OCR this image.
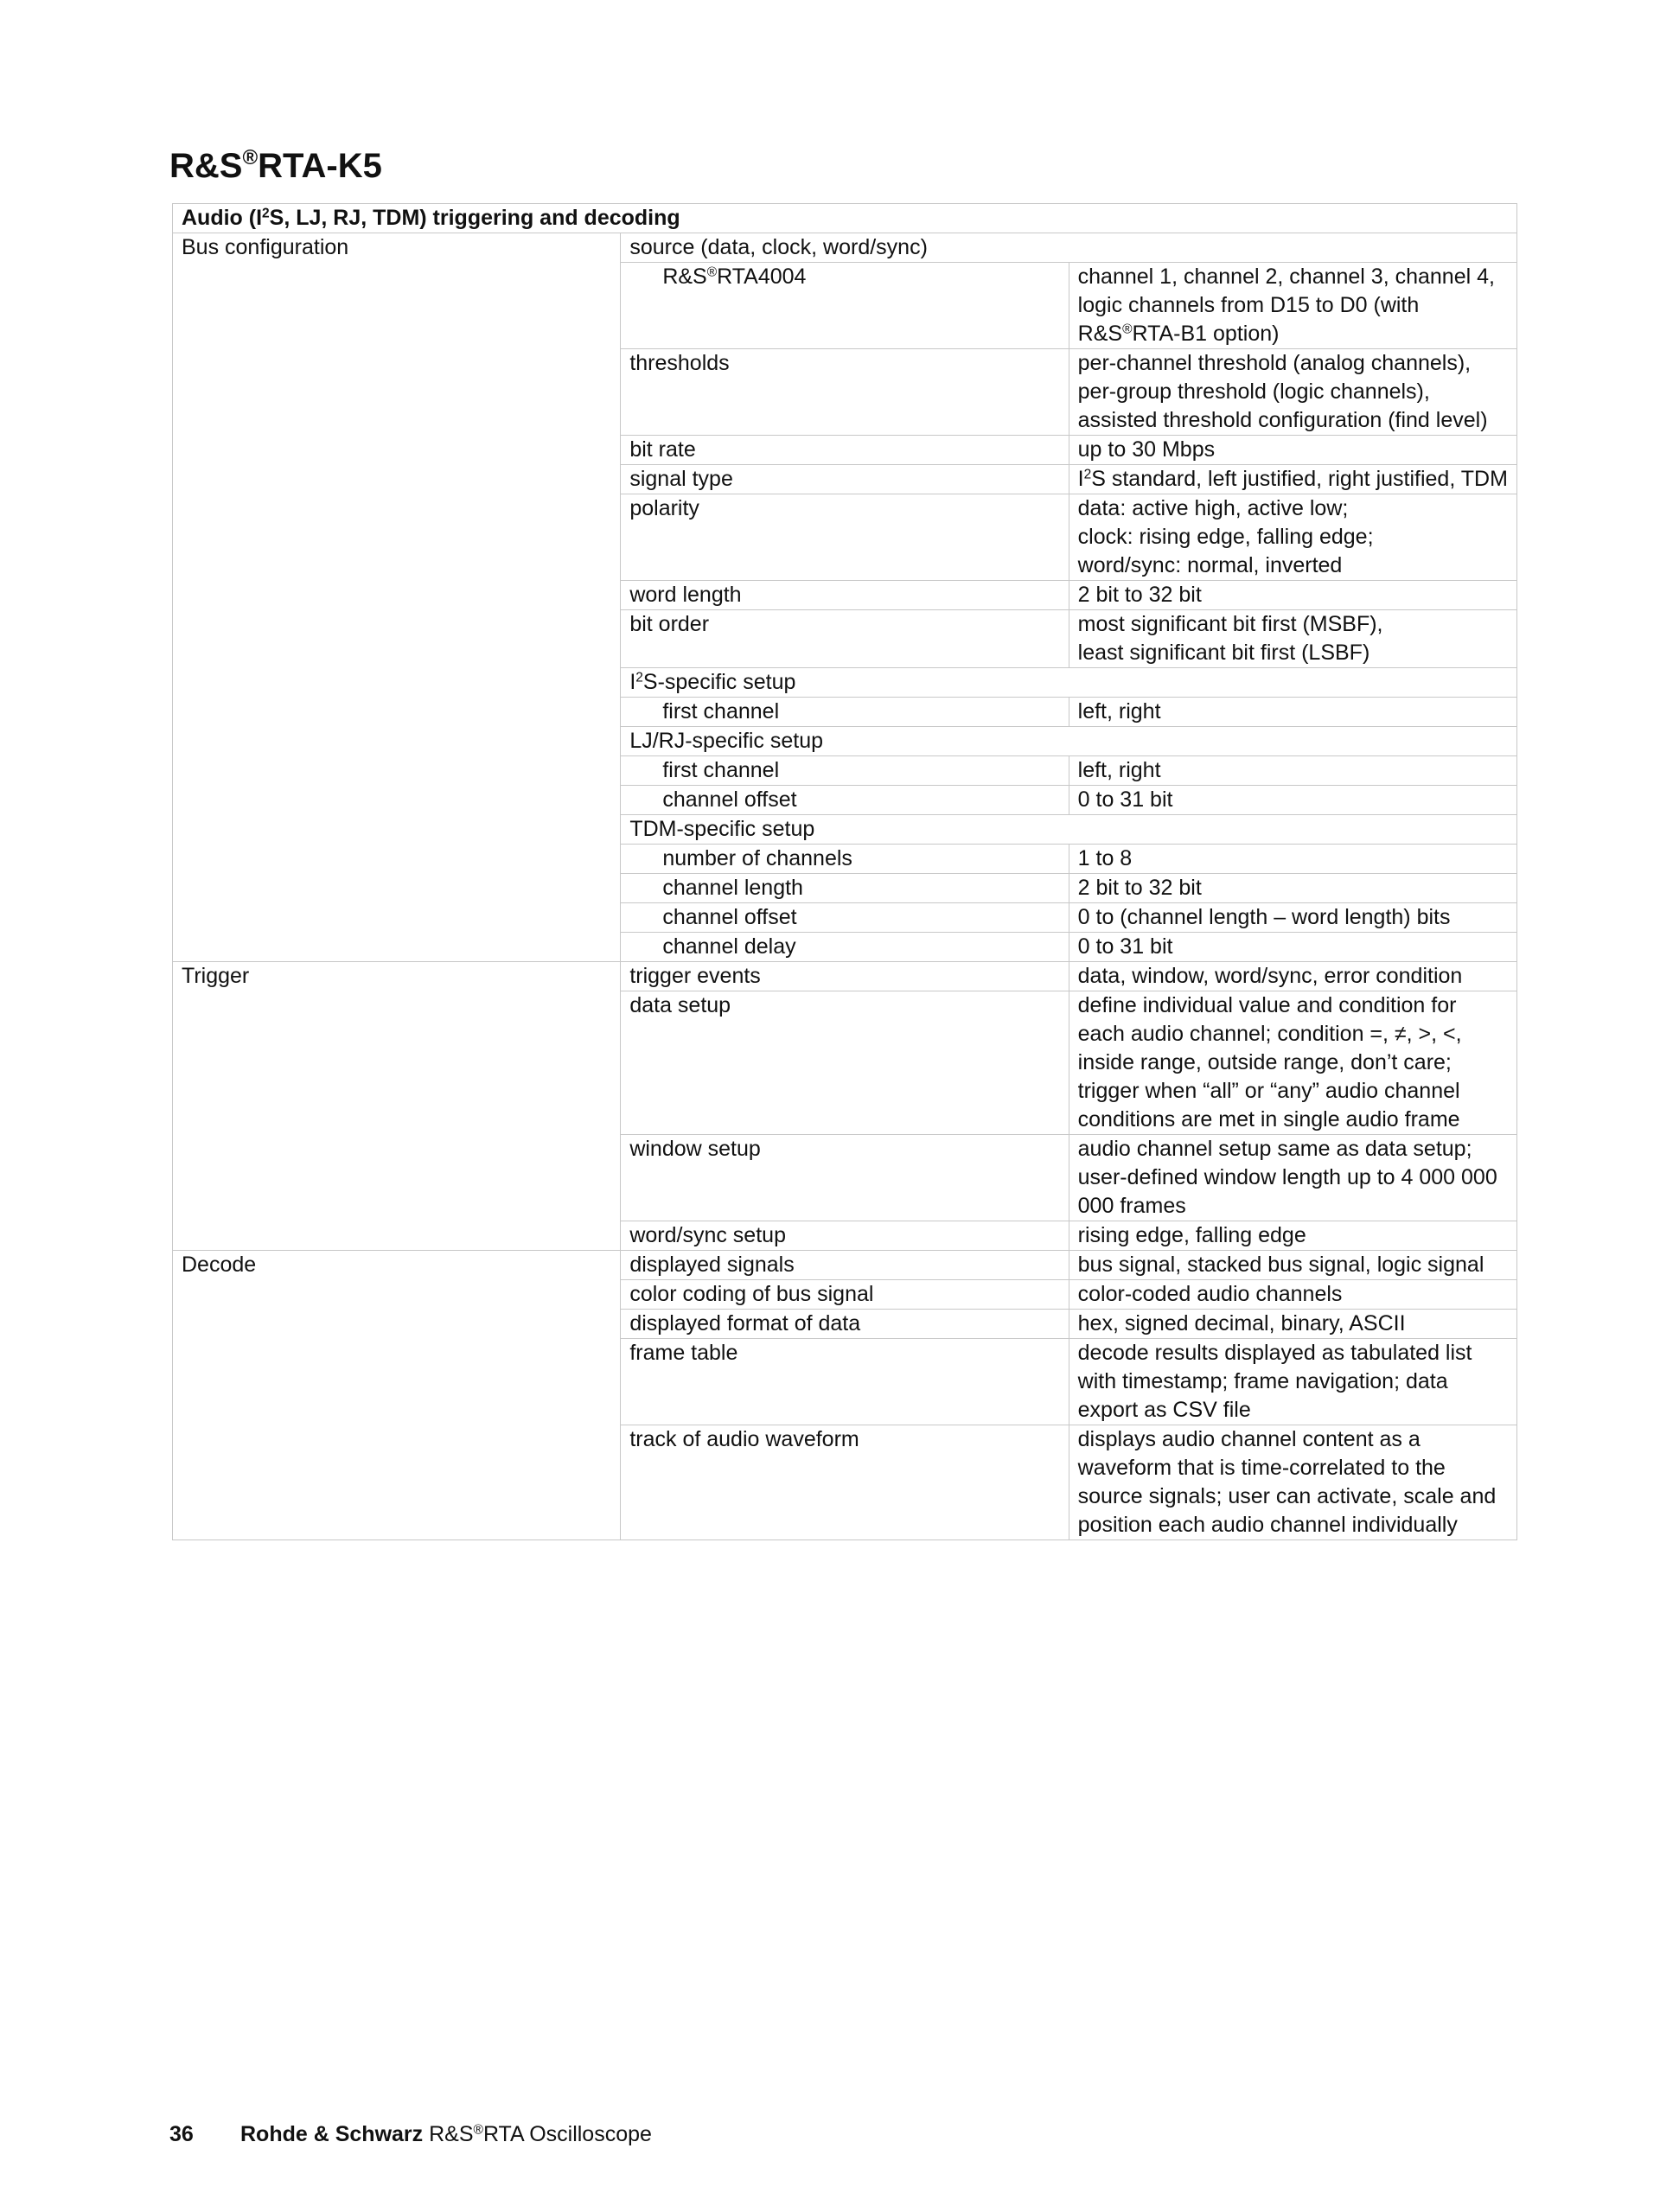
R&S®RTA-K5
Audio ($I^2S$, LJ, RJ, TDM) triggering and decoding		
Bus configuration	source (data, clock, word/sync)	
	R&S®RTA4004	channel 1, channel 2, channel 3, channel 4, logic channels from D15 to D0 (with R&S®RTA-B1 option)
	thresholds	per-channel threshold (analog channels), per-group threshold (logic channels), assisted threshold configuration (find level)
	bit rate	up to 30 Mbps
	signal type	$I^2S$ standard, left justified, right justified, TDM
	polarity	data: active high, active low;
clock: rising edge, falling edge;
word/sync: normal, inverted
	word length	2 bit to 32 bit
	bit order	most significant bit first (MSBF),
least significant bit first (LSBF)
	$I^2S$-specific setup	
	first channel	left, right
	LJ/RJ-specific setup	
	first channel	left, right
	channel offset	0 to 31 bit
	TDM-specific setup	
	number of channels	1 to 8
	channel length	2 bit to 32 bit
	channel offset	0 to (channel length – word length) bits
	channel delay	0 to 31 bit
Trigger	trigger events	data, window, word/sync, error condition
	data setup	define individual value and condition for each audio channel; condition =, ≠, >, <, inside range, outside range, don’t care; trigger when “all” or “any” audio channel conditions are met in single audio frame
	window setup	audio channel setup same as data setup; user-defined window length up to 4 000 000 000 frames
	word/sync setup	rising edge, falling edge
Decode	displayed signals	bus signal, stacked bus signal, logic signal
	color coding of bus signal	color-coded audio channels
	displayed format of data	hex, signed decimal, binary, ASCII
	frame table	decode results displayed as tabulated list with timestamp; frame navigation; data export as CSV file
	track of audio waveform	displays audio channel content as a waveform that is time-correlated to the source signals; user can activate, scale and position each audio channel individually
36 Rohde & Schwarz R&S®RTA Oscilloscope
